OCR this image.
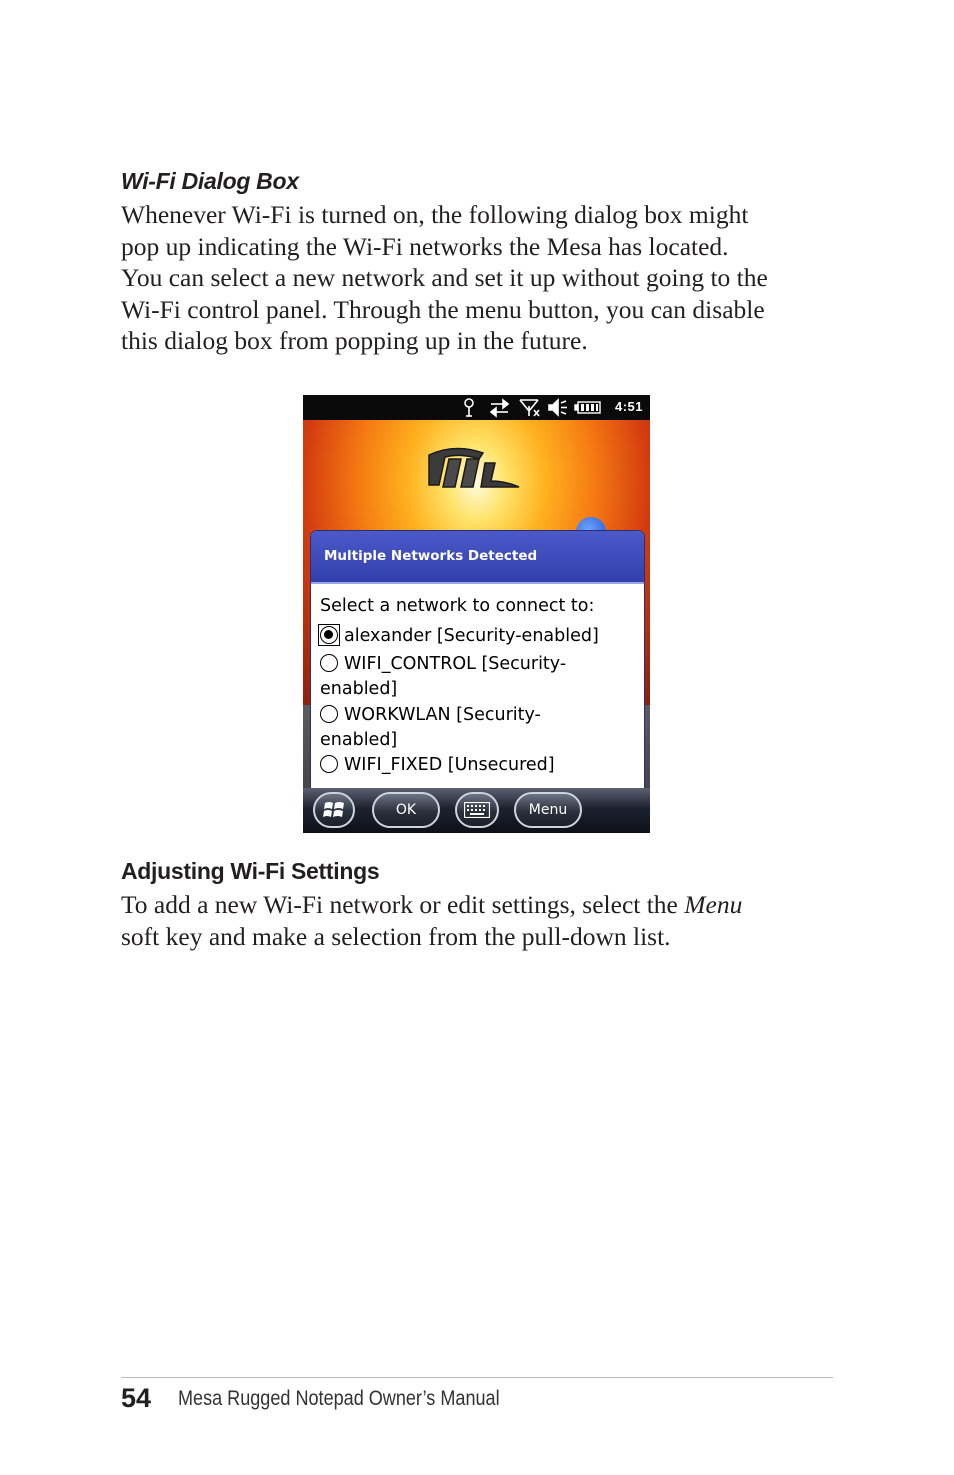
Wi-Fi Dialog Box

Whenever Wi-Fi is turned on, the following dialog box might

pop up indicating the Wi-Fi networks the Mesa has located.

You can select a new network and set it up without going to the

Wi-Fi control panel. Through the menu button, you can disable

this dialog box from popping up in the future.

4:51
Multiple Networks Detected
Select a network to connect to:
alexander [Security-enabled]
WIFI_CONTROL [Security-
enabled]
WORKWLAN [Security-
enabled]
WIFI_FIXED [Unsecured]
OK	Menu
Adjusting Wi-Fi Settings

To add a new Wi-Fi network or edit settings, select the Menu

soft key and make a selection from the pull-down list.

54 Mesa Rugged Notepad Owner’s Manual
